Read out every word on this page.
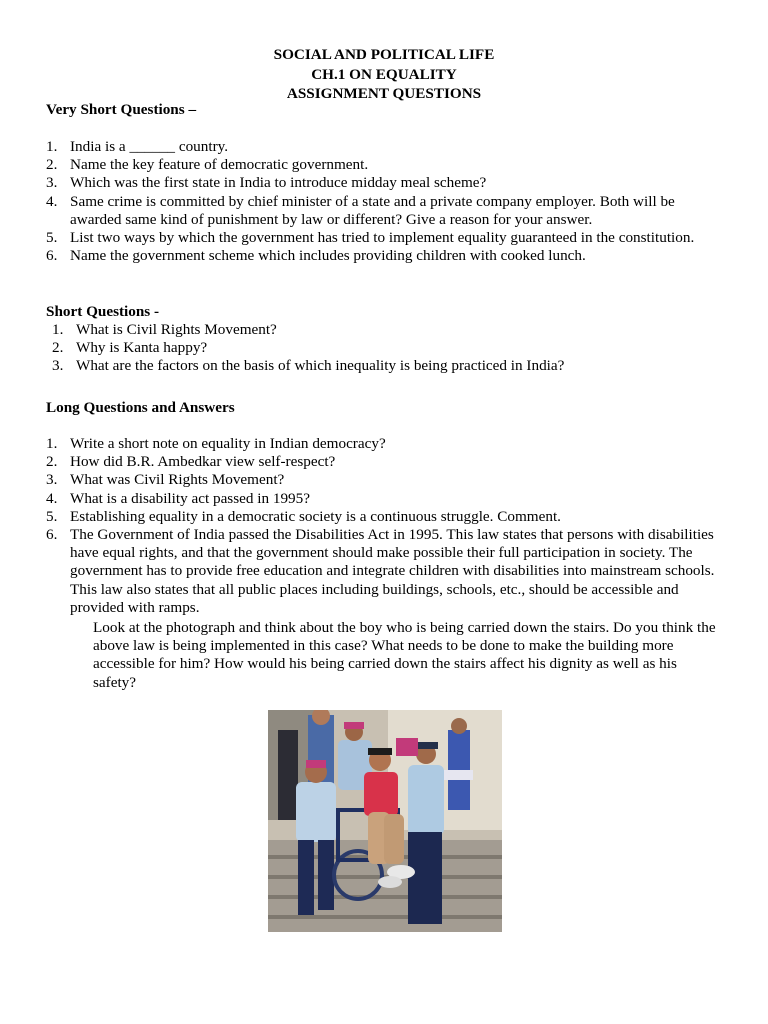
SOCIAL AND POLITICAL LIFE
CH.1 ON EQUALITY
ASSIGNMENT QUESTIONS
Very Short Questions –
1. India is a ______ country.
2. Name the key feature of democratic government.
3. Which was the first state in India to introduce midday meal scheme?
4. Same crime is committed by chief minister of a state and a private company employer. Both will be awarded same kind of punishment by law or different? Give a reason for your answer.
5. List two ways by which the government has tried to implement equality guaranteed in the constitution.
6. Name the government scheme which includes providing children with cooked lunch.
Short Questions -
1. What is Civil Rights Movement?
2. Why is Kanta happy?
3. What are the factors on the basis of which inequality is being practiced in India?
Long Questions and Answers
1. Write a short note on equality in Indian democracy?
2. How did B.R. Ambedkar view self-respect?
3. What was Civil Rights Movement?
4. What is a disability act passed in 1995?
5. Establishing equality in a democratic society is a continuous struggle. Comment.
6. The Government of India passed the Disabilities Act in 1995. This law states that persons with disabilities have equal rights, and that the government should make possible their full participation in society. The government has to provide free education and integrate children with disabilities into mainstream schools. This law also states that all public places including buildings, schools, etc., should be accessible and provided with ramps.
Look at the photograph and think about the boy who is being carried down the stairs. Do you think the above law is being implemented in this case? What needs to be done to make the building more accessible for him? How would his being carried down the stairs affect his dignity as well as his safety?
